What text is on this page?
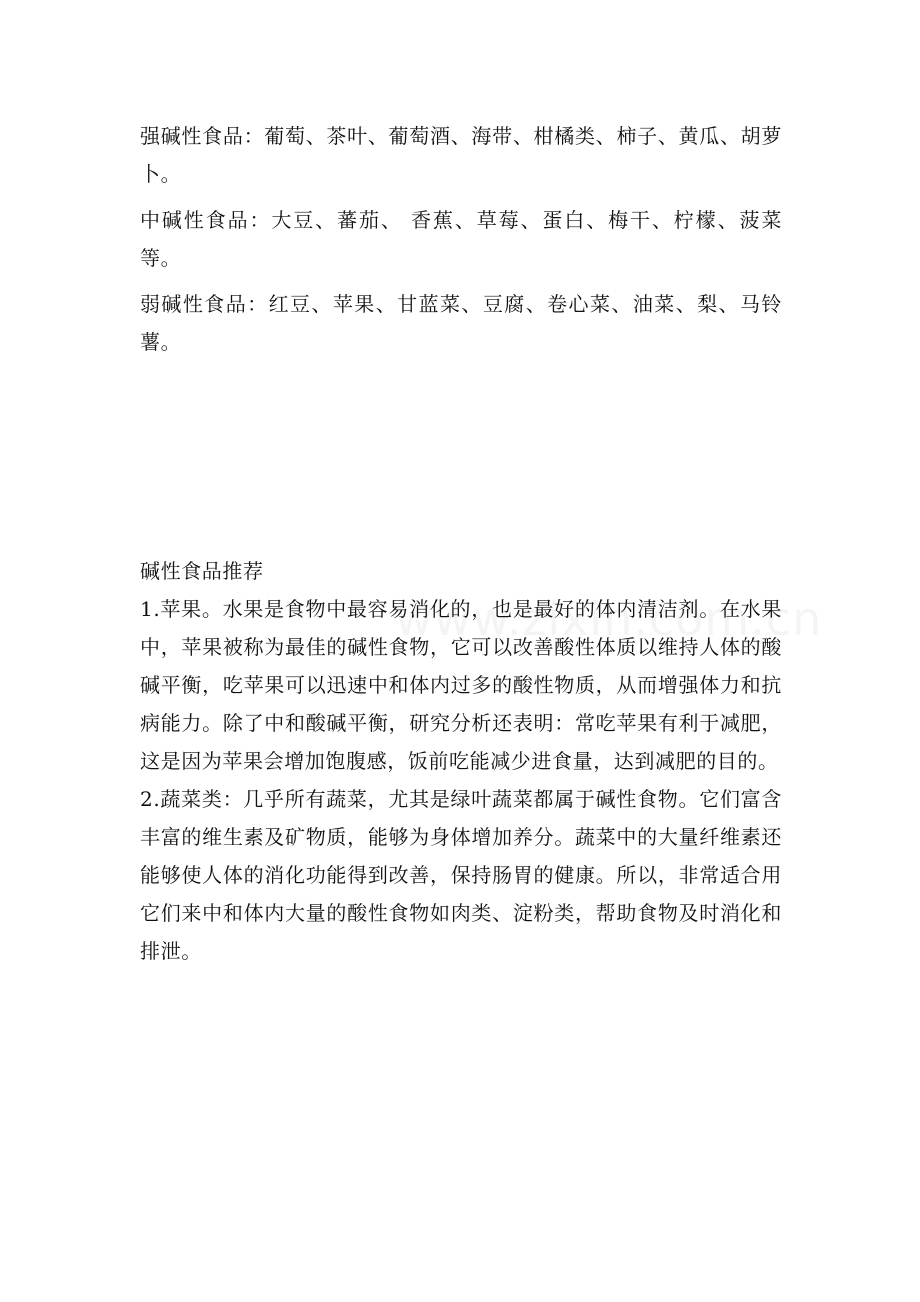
强碱性食品：葡萄、茶叶、葡萄酒、海带、柑橘类、柿子、黄瓜、胡萝卜。

中碱性食品：大豆、蕃茄、 香蕉、草莓、蛋白、梅干、柠檬、菠菜等。

弱碱性食品：红豆、苹果、甘蓝菜、豆腐、卷心菜、油菜、梨、马铃薯。

碱性食品推荐

1.苹果。水果是食物中最容易消化的，也是最好的体内清洁剂。在水果中，苹果被称为最佳的碱性食物，它可以改善酸性体质以维持人体的酸碱平衡，吃苹果可以迅速中和体内过多的酸性物质，从而增强体力和抗病能力。除了中和酸碱平衡，研究分析还表明：常吃苹果有利于减肥，这是因为苹果会增加饱腹感，饭前吃能减少进食量，达到减肥的目的。

2.蔬菜类：几乎所有蔬菜，尤其是绿叶蔬菜都属于碱性食物。它们富含丰富的维生素及矿物质，能够为身体增加养分。蔬菜中的大量纤维素还能够使人体的消化功能得到改善，保持肠胃的健康。所以，非常适合用它们来中和体内大量的酸性食物如肉类、淀粉类，帮助食物及时消化和排泄。
